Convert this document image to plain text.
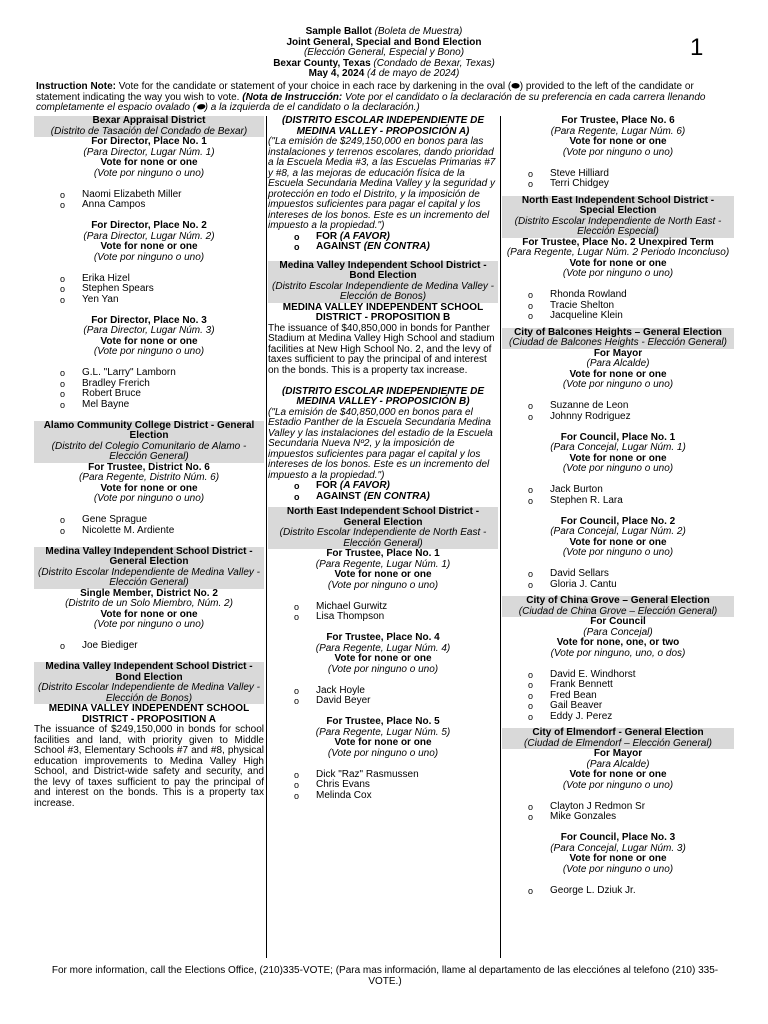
Sample Ballot (Boleta de Muestra)
Joint General, Special and Bond Election
(Elección General, Especial y Bono)
Bexar County, Texas (Condado de Bexar, Texas)
May 4, 2024 (4 de mayo de 2024)
1
Instruction Note: Vote for the candidate or statement of your choice in each race by darkening in the oval (⬬) provided to the left of the candidate or statement indicating the way you wish to vote. (Nota de Instrucción: Vote por el candidato o la declaración de su preferencia en cada carrera llenando completamente el espacio ovalado (⬬) a la izquierda de el candidato o la declaración.)
Bexar Appraisal District
(Distrito de Tasación del Condado de Bexar)
For Director, Place No. 1
(Para Director, Lugar Núm. 1)
Vote for none or one
(Vote por ninguno o uno)
o Naomi Elizabeth Miller
o Anna Campos
For Director, Place No. 2
(Para Director, Lugar Núm. 2)
Vote for none or one
(Vote por ninguno o uno)
o Erika Hizel
o Stephen Spears
o Yen Yan
For Director, Place No. 3
(Para Director, Lugar Núm. 3)
Vote for none or one
(Vote por ninguno o uno)
o G.L. "Larry" Lamborn
o Bradley Frerich
o Robert Bruce
o Mel Bayne
Alamo Community College District - General Election
(Distrito del Colegio Comunitario de Alamo - Elección General)
For Trustee, District No. 6
(Para Regente, Distrito Núm. 6)
Vote for none or one
(Vote por ninguno o uno)
o Gene Sprague
o Nicolette M. Ardiente
Medina Valley Independent School District - General Election
(Distrito Escolar Independiente de Medina Valley - Elección General)
Single Member, District No. 2
(Distrito de un Solo Miembro, Núm. 2)
Vote for none or one
(Vote por ninguno o uno)
o Joe Biediger
Medina Valley Independent School District - Bond Election
(Distrito Escolar Independiente de Medina Valley - Elección de Bonos)
MEDINA VALLEY INDEPENDENT SCHOOL DISTRICT - PROPOSITION A
The issuance of $249,150,000 in bonds for school facilities and land, with priority given to Middle School #3, Elementary Schools #7 and #8, physical education improvements to Medina Valley High School, and District-wide safety and security, and the levy of taxes sufficient to pay the principal of and interest on the bonds. This is a property tax increase.
(DISTRITO ESCOLAR INDEPENDIENTE DE MEDINA VALLEY - PROPOSICIÓN A)
("La emisión de $249,150,000 en bonos para las instalaciones y terrenos escolares, dando prioridad a la Escuela Media #3, a las Escuelas Primarias #7 y #8, a las mejoras de educación física de la Escuela Secundaria Medina Valley y la seguridad y protección en todo el Distrito, y la imposición de impuestos suficientes para pagar el capital y los intereses de los bonos. Este es un incremento del impuesto a la propiedad.")
o FOR (A FAVOR)
o AGAINST (EN CONTRA)
Medina Valley Independent School District - Bond Election
(Distrito Escolar Independiente de Medina Valley - Elección de Bonos)
MEDINA VALLEY INDEPENDENT SCHOOL DISTRICT - PROPOSITION B
The issuance of $40,850,000 in bonds for Panther Stadium at Medina Valley High School and stadium facilities at New High School No. 2, and the levy of taxes sufficient to pay the principal of and interest on the bonds. This is a property tax increase.
(DISTRITO ESCOLAR INDEPENDIENTE DE MEDINA VALLEY - PROPOSICIÓN B)
("La emisión de $40,850,000 en bonos para el Estadio Panther de la Escuela Secundaria Medina Valley y las instalaciones del estadio de la Escuela Secundaria Nueva Nº2, y la imposición de impuestos suficientes para pagar el capital y los intereses de los bonos. Este es un incremento del impuesto a la propiedad.")
o FOR (A FAVOR)
o AGAINST (EN CONTRA)
North East Independent School District - General Election
(Distrito Escolar Independiente de North East - Elección General)
For Trustee, Place No. 1
(Para Regente, Lugar Núm. 1)
Vote for none or one
(Vote por ninguno o uno)
o Michael Gurwitz
o Lisa Thompson
For Trustee, Place No. 4
(Para Regente, Lugar Núm. 4)
Vote for none or one
(Vote por ninguno o uno)
o Jack Hoyle
o David Beyer
For Trustee, Place No. 5
(Para Regente, Lugar Núm. 5)
Vote for none or one
(Vote por ninguno o uno)
o Dick "Raz" Rasmussen
o Chris Evans
o Melinda Cox
For Trustee, Place No. 6
(Para Regente, Lugar Núm. 6)
Vote for none or one
(Vote por ninguno o uno)
o Steve Hilliard
o Terri Chidgey
North East Independent School District - Special Election
(Distrito Escolar Independiente de North East - Elección Especial)
For Trustee, Place No. 2 Unexpired Term
(Para Regente, Lugar Núm. 2 Periodo Inconcluso)
Vote for none or one
(Vote por ninguno o uno)
o Rhonda Rowland
o Tracie Shelton
o Jacqueline Klein
City of Balcones Heights – General Election
(Ciudad de Balcones Heights - Elección General)
For Mayor
(Para Alcalde)
Vote for none or one
(Vote por ninguno o uno)
o Suzanne de Leon
o Johnny Rodriguez
For Council, Place No. 1
(Para Concejal, Lugar Núm. 1)
Vote for none or one
(Vote por ninguno o uno)
o Jack Burton
o Stephen R. Lara
For Council, Place No. 2
(Para Concejal, Lugar Núm. 2)
Vote for none or one
(Vote por ninguno o uno)
o David Sellars
o Gloria J. Cantu
City of China Grove – General Election
(Ciudad de China Grove – Elección General)
For Council
(Para Concejal)
Vote for none, one, or two
(Vote por ninguno, uno, o dos)
o David E. Windhorst
o Frank Bennett
o Fred Bean
o Gail Beaver
o Eddy J. Perez
City of Elmendorf - General Election
(Ciudad de Elmendorf – Elección General)
For Mayor
(Para Alcalde)
Vote for none or one
(Vote por ninguno o uno)
o Clayton J Redmon Sr
o Mike Gonzales
For Council, Place No. 3
(Para Concejal, Lugar Núm. 3)
Vote for none or one
(Vote por ninguno o uno)
o George L. Dziuk Jr.
For more information, call the Elections Office, (210)335-VOTE; (Para mas información, llame al departamento de las elecciónes al telefono (210) 335-VOTE.)
